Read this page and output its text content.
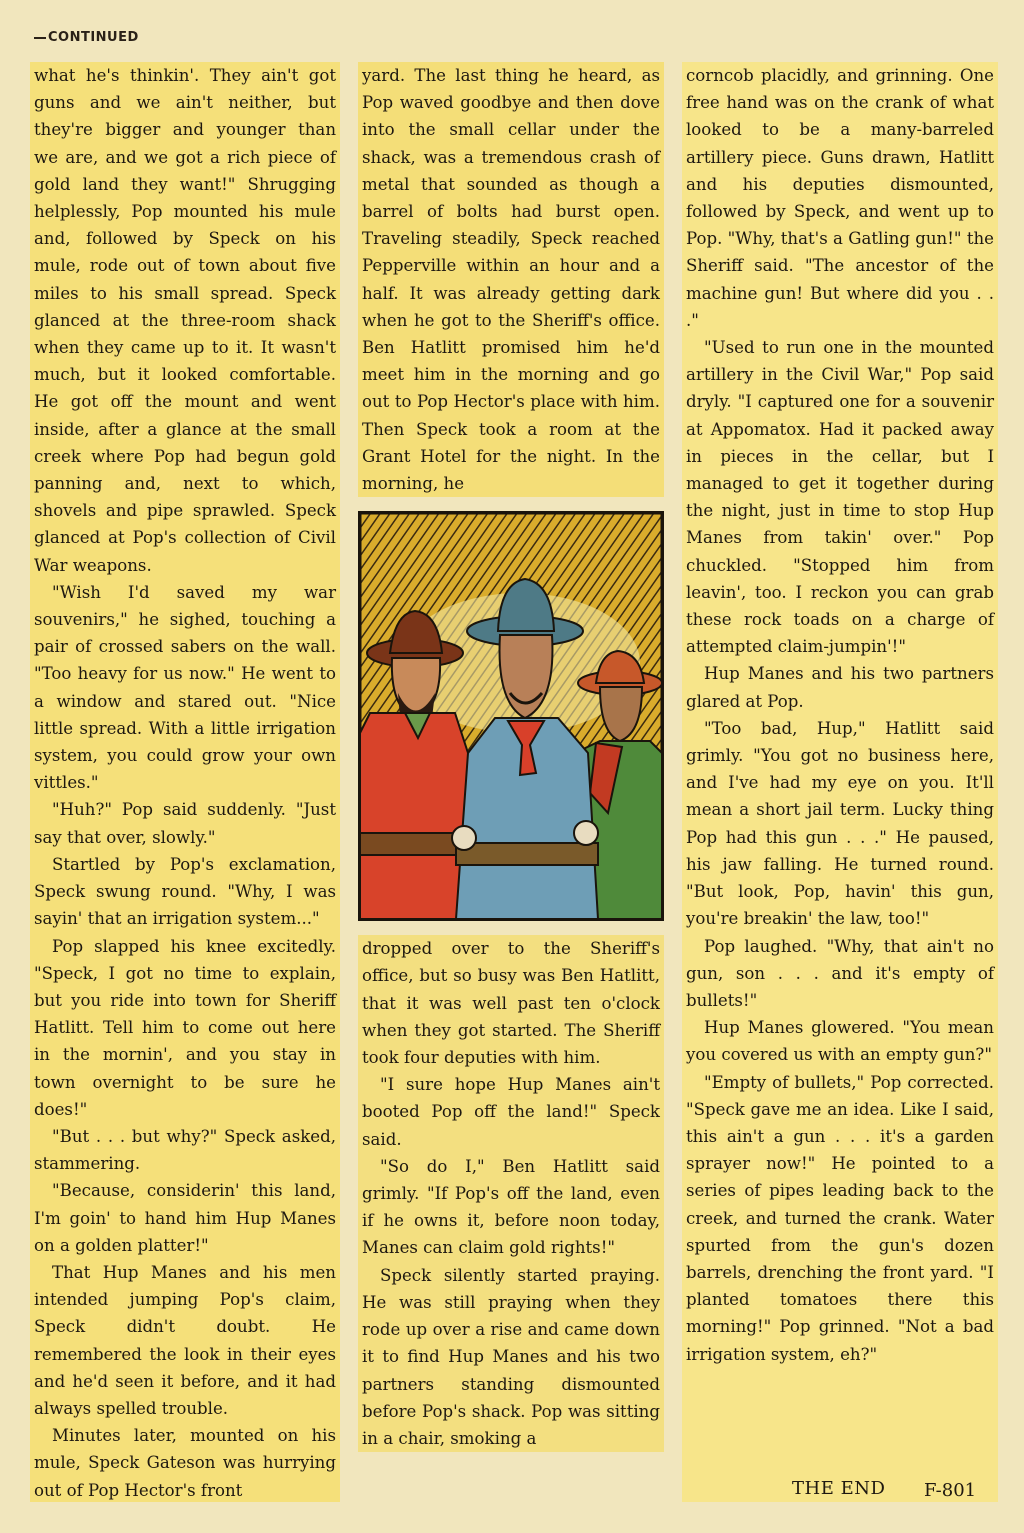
CONTINUED

what he's thinkin'. They ain't got guns and we ain't neither, but they're bigger and younger than we are, and we got a rich piece of gold land they want!" Shrugging helplessly, Pop mounted his mule and, followed by Speck on his mule, rode out of town about five miles to his small spread. Speck glanced at the three-room shack when they came up to it. It wasn't much, but it looked comfortable. He got off the mount and went inside, after a glance at the small creek where Pop had begun gold panning and, next to which, shovels and pipe sprawled. Speck glanced at Pop's collection of Civil War weapons.

"Wish I'd saved my war souvenirs," he sighed, touching a pair of crossed sabers on the wall. "Too heavy for us now." He went to a window and stared out. "Nice little spread. With a little irrigation system, you could grow your own vittles."

"Huh?" Pop said suddenly. "Just say that over, slowly."

Startled by Pop's exclamation, Speck swung round. "Why, I was sayin' that an irrigation system..."

Pop slapped his knee excitedly. "Speck, I got no time to explain, but you ride into town for Sheriff Hatlitt. Tell him to come out here in the mornin', and you stay in town overnight to be sure he does!"

"But . . . but why?" Speck asked, stammering.

"Because, considerin' this land, I'm goin' to hand him Hup Manes on a golden platter!"

That Hup Manes and his men intended jumping Pop's claim, Speck didn't doubt. He remembered the look in their eyes and he'd seen it before, and it had always spelled trouble.

Minutes later, mounted on his mule, Speck Gateson was hurrying out of Pop Hector's front

yard. The last thing he heard, as Pop waved goodbye and then dove into the small cellar under the shack, was a tremendous crash of metal that sounded as though a barrel of bolts had burst open. Traveling steadily, Speck reached Pepperville within an hour and a half. It was already getting dark when he got to the Sheriff's office. Ben Hatlitt promised him he'd meet him in the morning and go out to Pop Hector's place with him. Then Speck took a room at the Grant Hotel for the night. In the morning, he

dropped over to the Sheriff's office, but so busy was Ben Hatlitt, that it was well past ten o'clock when they got started. The Sheriff took four deputies with him.

"I sure hope Hup Manes ain't booted Pop off the land!" Speck said.

"So do I," Ben Hatlitt said grimly. "If Pop's off the land, even if he owns it, before noon today, Manes can claim gold rights!"

Speck silently started praying. He was still praying when they rode up over a rise and came down it to find Hup Manes and his two partners standing dismounted before Pop's shack. Pop was sitting in a chair, smoking a

corncob placidly, and grinning. One free hand was on the crank of what looked to be a many-barreled artillery piece. Guns drawn, Hatlitt and his deputies dismounted, followed by Speck, and went up to Pop. "Why, that's a Gatling gun!" the Sheriff said. "The ancestor of the machine gun! But where did you . . ."

"Used to run one in the mounted artillery in the Civil War," Pop said dryly. "I captured one for a souvenir at Appomatox. Had it packed away in pieces in the cellar, but I managed to get it together during the night, just in time to stop Hup Manes from takin' over." Pop chuckled. "Stopped him from leavin', too. I reckon you can grab these rock toads on a charge of attempted claim-jumpin'!"

Hup Manes and his two partners glared at Pop.

"Too bad, Hup," Hatlitt said grimly. "You got no business here, and I've had my eye on you. It'll mean a short jail term. Lucky thing Pop had this gun . . ." He paused, his jaw falling. He turned round. "But look, Pop, havin' this gun, you're breakin' the law, too!"

Pop laughed. "Why, that ain't no gun, son . . . and it's empty of bullets!"

Hup Manes glowered. "You mean you covered us with an empty gun?"

"Empty of bullets," Pop corrected. "Speck gave me an idea. Like I said, this ain't a gun . . . it's a garden sprayer now!" He pointed to a series of pipes leading back to the creek, and turned the crank. Water spurted from the gun's dozen barrels, drenching the front yard. "I planted tomatoes there this morning!" Pop grinned. "Not a bad irrigation system, eh?"

THE END F-801
